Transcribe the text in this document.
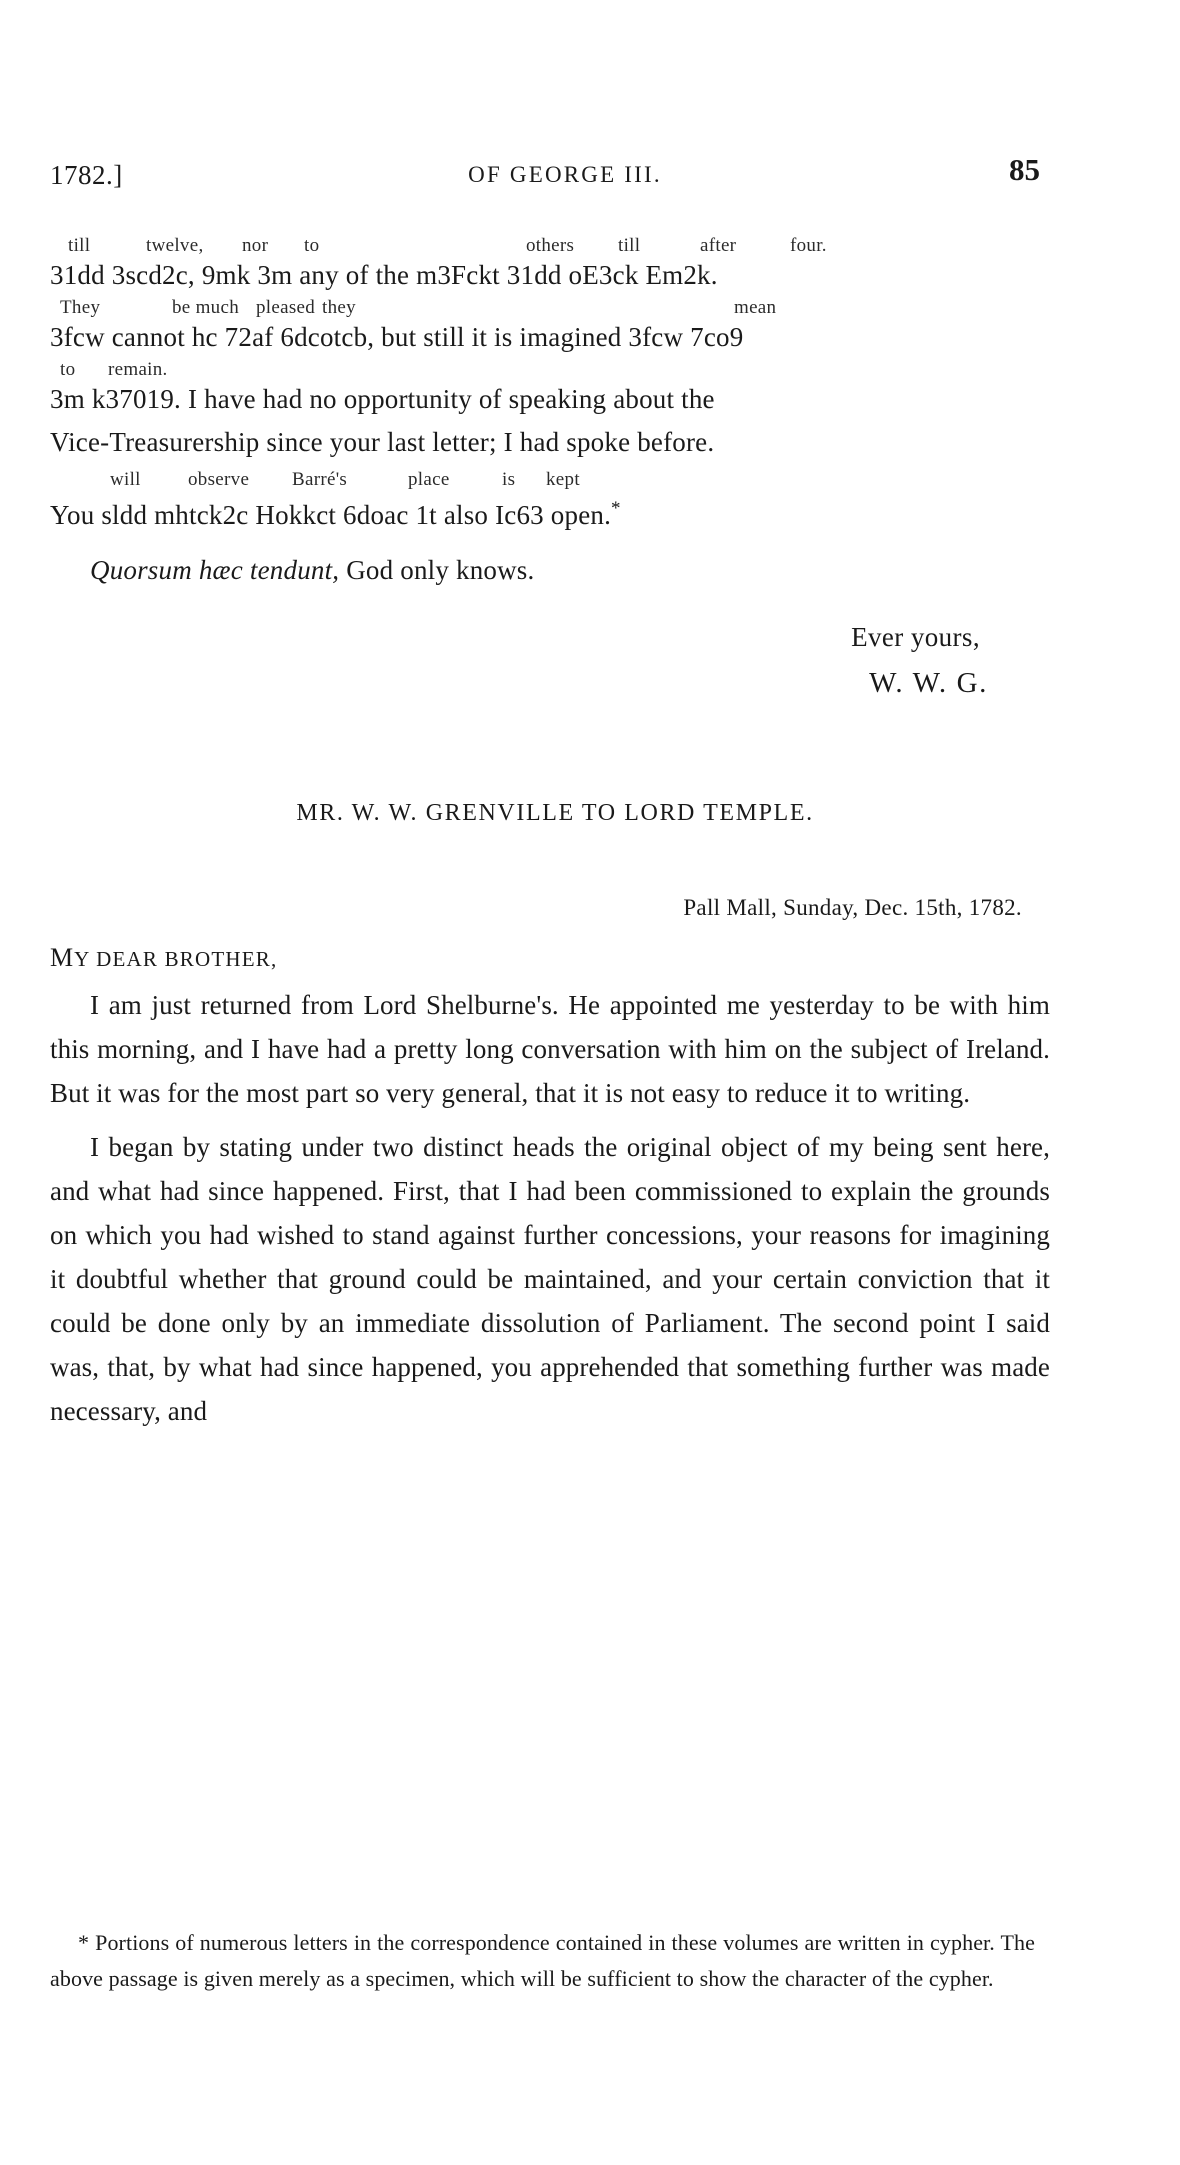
1782.]	OF GEORGE III.	85
till	twelve, nor to	others till	after	four.
31dd 3scd2c, 9mk 3m any of the m3Fckt 31dd oE3ck Em2k.
They	be much pleased they	mean
3fcw cannot hc 72af 6dcotcb, but still it is imagined 3fcw 7co9
to remain.
3m k37019. I have had no opportunity of speaking about the
Vice-Treasurership since your last letter; I had spoke before.
will observe Barré's	place	is kept
You sldd mhtck2c Hokkct 6doac 1t also Ic63 open.*
Quorsum hæc tendunt, God only knows.
Ever yours,
W. W. G.
MR. W. W. GRENVILLE TO LORD TEMPLE.
Pall Mall, Sunday, Dec. 15th, 1782.
MY DEAR BROTHER,

I am just returned from Lord Shelburne's. He appointed me yesterday to be with him this morning, and I have had a pretty long conversation with him on the subject of Ireland. But it was for the most part so very general, that it is not easy to reduce it to writing.

I began by stating under two distinct heads the original object of my being sent here, and what had since happened. First, that I had been commissioned to explain the grounds on which you had wished to stand against further concessions, your reasons for imagining it doubtful whether that ground could be maintained, and your certain conviction that it could be done only by an immediate dissolution of Parliament. The second point I said was, that, by what had since happened, you apprehended that something further was made necessary, and

* Portions of numerous letters in the correspondence contained in these volumes are written in cypher. The above passage is given merely as a specimen, which will be sufficient to show the character of the cypher.
